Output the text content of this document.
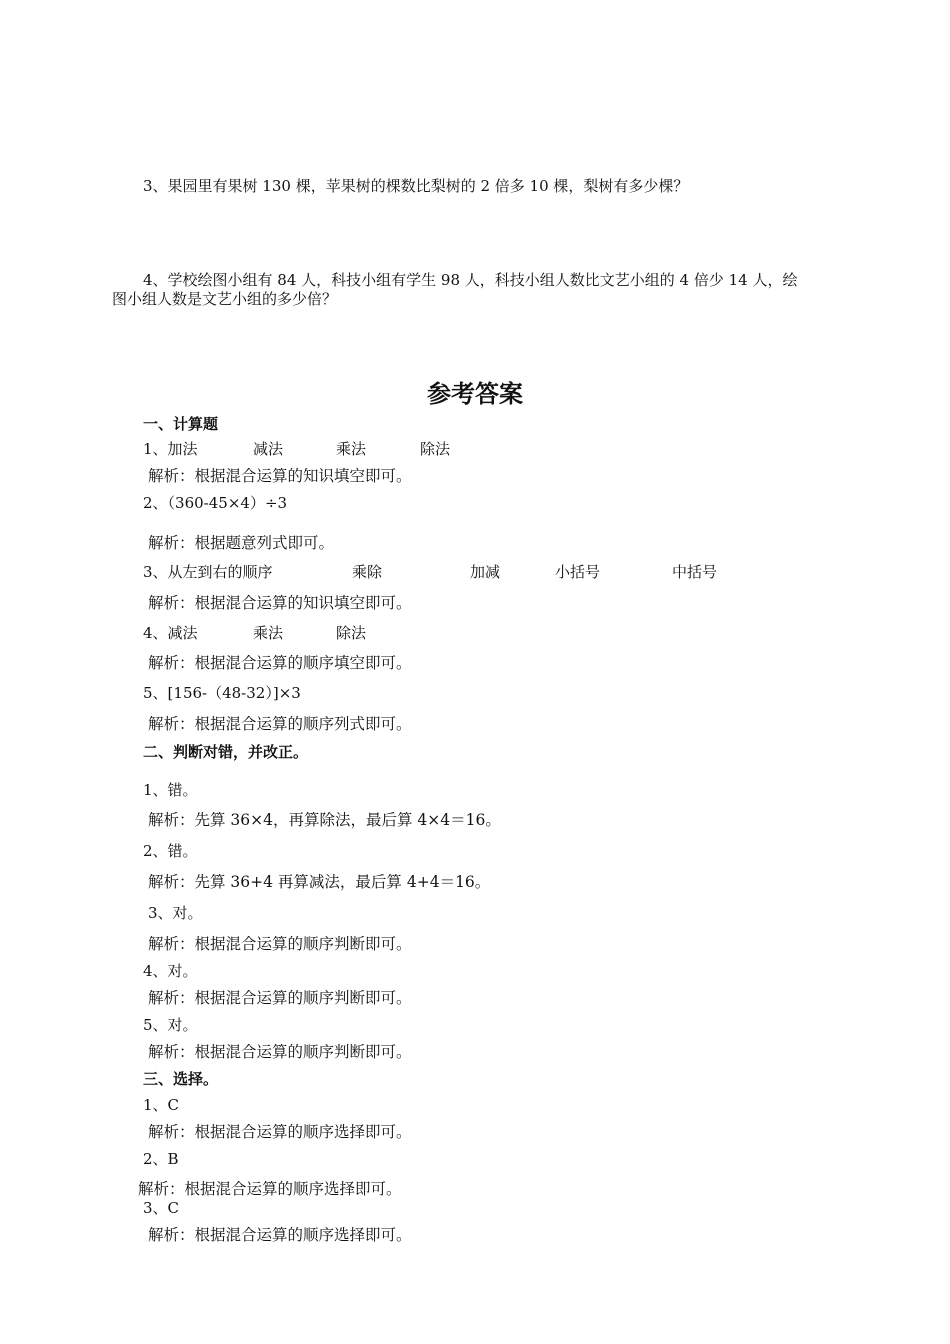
3、果园里有果树 130 棵，苹果树的棵数比梨树的 2 倍多 10 棵，梨树有多少棵？
4、学校绘图小组有 84 人，科技小组有学生 98 人，科技小组人数比文艺小组的 4 倍少 14 人，绘
图小组人数是文艺小组的多少倍？
参考答案
一、计算题
1、加法	减法	乘法	除法
解析：根据混合运算的知识填空即可。
2、（360-45×4）÷3
解析：根据题意列式即可。
3、从左到右的顺序	乘除	加减	小括号	中括号
解析：根据混合运算的知识填空即可。
4、减法	乘法	除法
解析：根据混合运算的顺序填空即可。
5、[156-（48-32）]×3
解析：根据混合运算的顺序列式即可。
二、判断对错，并改正。
1、错。
解析：先算 36×4，再算除法，最后算 4×4＝16。
2、错。
解析：先算 36+4 再算减法，最后算 4+4＝16。
3、对。
解析：根据混合运算的顺序判断即可。
4、对。
解析：根据混合运算的顺序判断即可。
5、对。
解析：根据混合运算的顺序判断即可。
三、选择。
1、C
解析：根据混合运算的顺序选择即可。
2、B
解析：根据混合运算的顺序选择即可。
3、C
解析：根据混合运算的顺序选择即可。
